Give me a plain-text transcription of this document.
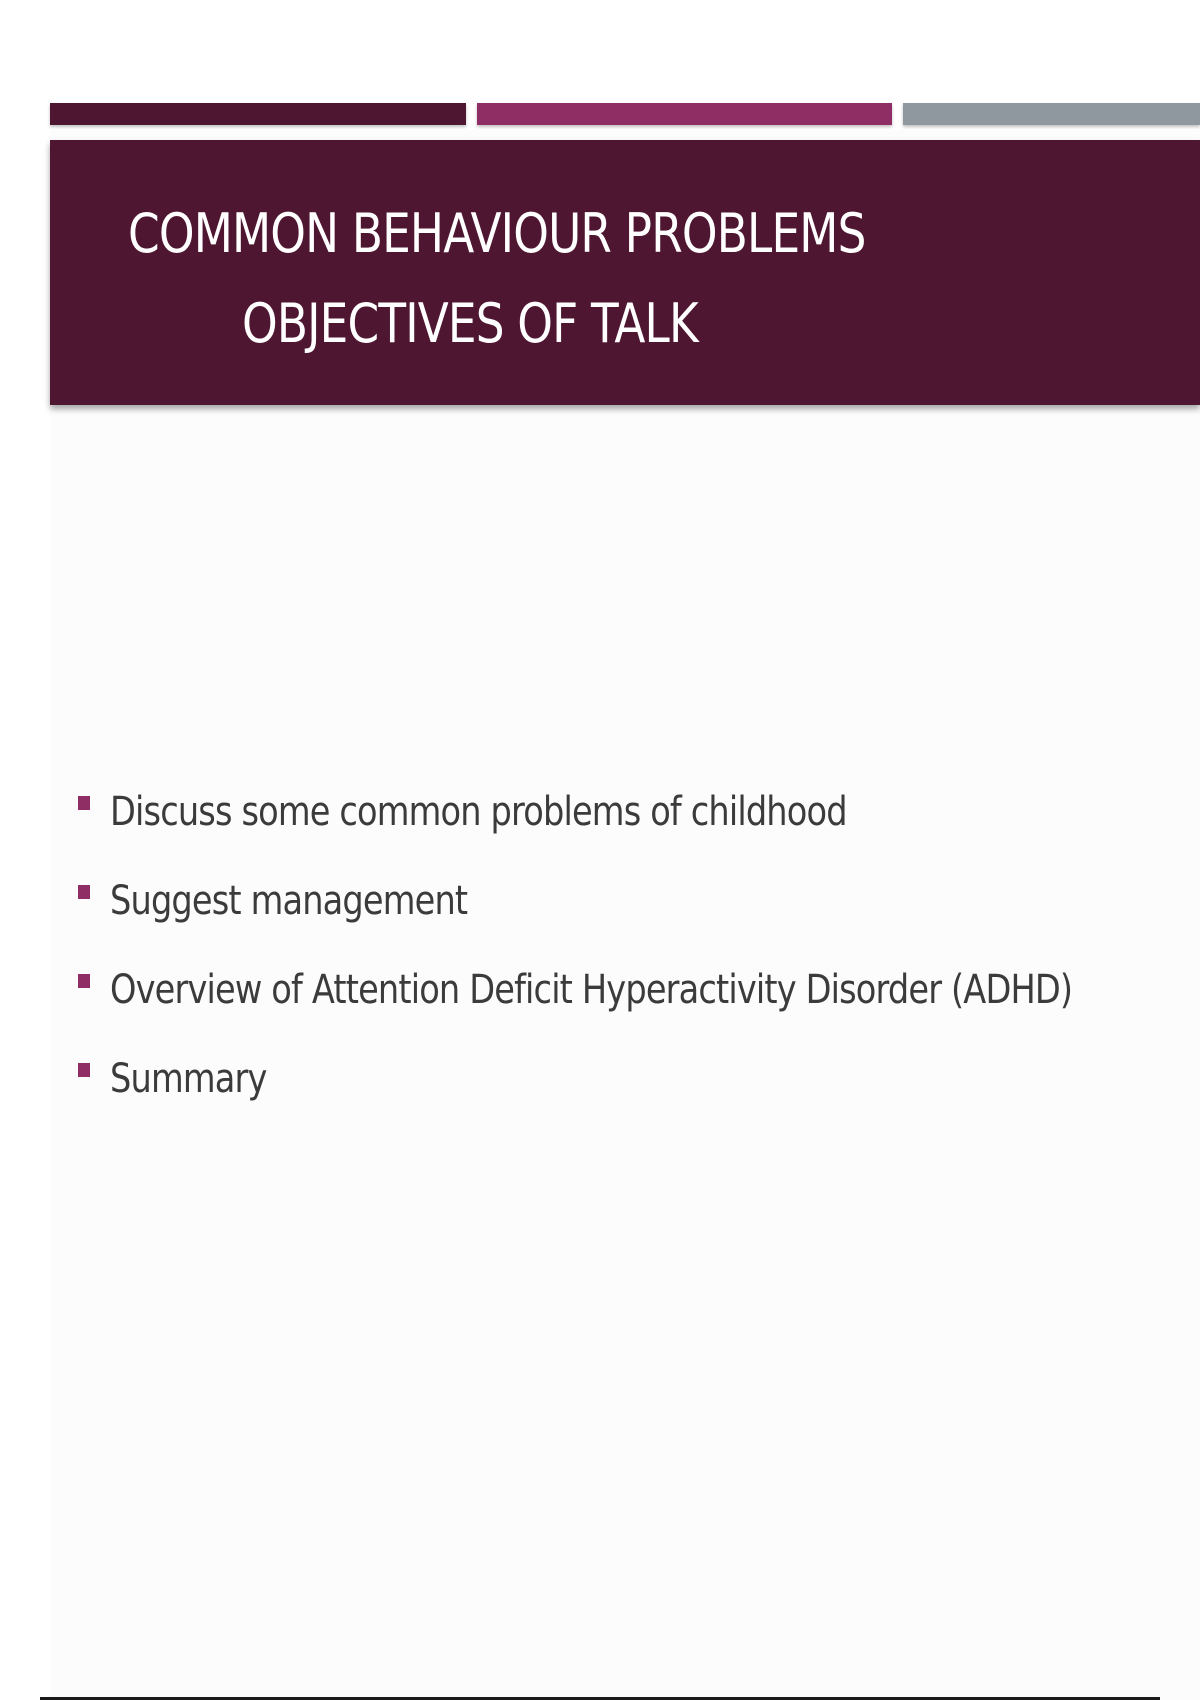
COMMON BEHAVIOUR PROBLEMS
OBJECTIVES OF TALK
Discuss some common problems of childhood
Suggest management
Overview of Attention Deficit Hyperactivity Disorder (ADHD)
Summary
